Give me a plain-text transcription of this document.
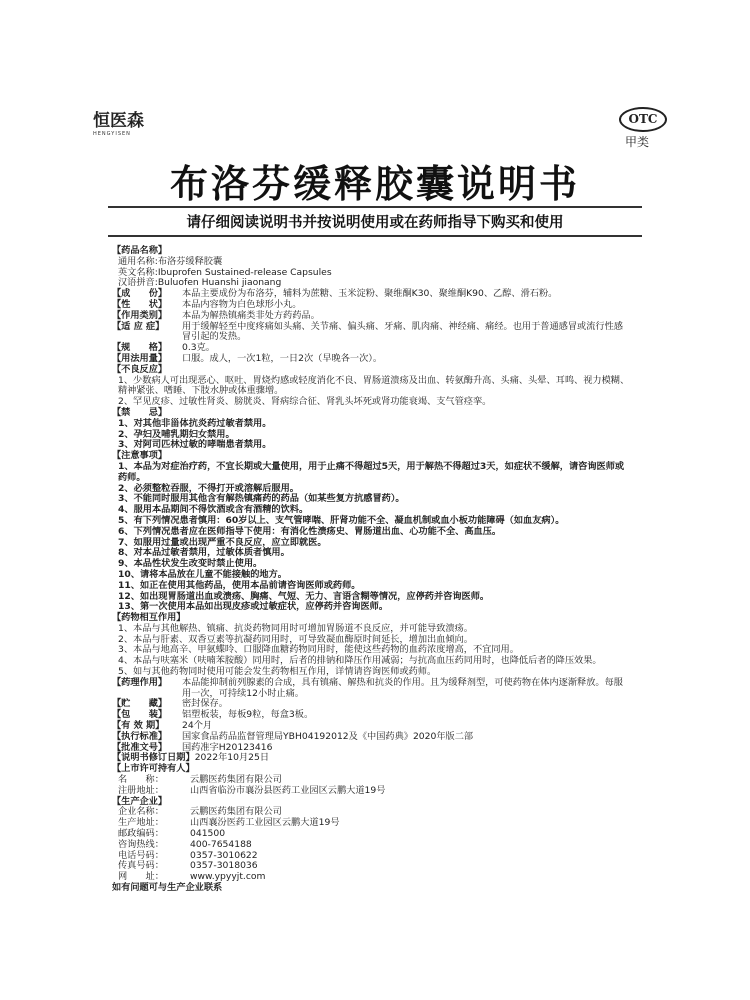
恒医森
HENGYISEN
OTC
甲类
布洛芬缓释胶囊说明书
请仔细阅读说明书并按说明使用或在药师指导下购买和使用
【药品名称】
通用名称:布洛芬缓释胶囊
英文名称:Ibuprofen Sustained-release Capsules
汉语拼音:Buluofen Huanshi jiaonang
【成　　份】	本品主要成份为布洛芬，辅料为蔗糖、玉米淀粉、聚维酮K30、聚维酮K90、乙醇、滑石粉。
【性　　状】	本品内容物为白色球形小丸。
【作用类别】	本品为解热镇痛类非处方药药品。
【适 应 症】	用于缓解轻至中度疼痛如头痛、关节痛、偏头痛、牙痛、肌肉痛、神经痛、痛经。也用于普通感冒或流行性感冒引起的发热。
【规　　格】	0.3克。
【用法用量】	口服。成人，一次1粒，一日2次（早晚各一次）。
【不良反应】
1、少数病人可出现恶心、呕吐、胃烧灼感或轻度消化不良、胃肠道溃疡及出血、转氨酶升高、头痛、头晕、耳鸣、视力模糊、精神紧张、嗜睡、下肢水肿或体重骤增。
2、罕见皮疹、过敏性肾炎、膀胱炎、肾病综合征、肾乳头坏死或肾功能衰竭、支气管痉挛。
【禁　　忌】
1、对其他非甾体抗炎药过敏者禁用。
2、孕妇及哺乳期妇女禁用。
3、对阿司匹林过敏的哮喘患者禁用。
【注意事项】
1、本品为对症治疗药，不宜长期或大量使用，用于止痛不得超过5天，用于解热不得超过3天，如症状不缓解，请咨询医师或药师。
2、必须整粒吞服，不得打开或溶解后服用。
3、不能同时服用其他含有解热镇痛药的药品（如某些复方抗感冒药）。
4、服用本品期间不得饮酒或含有酒精的饮料。
5、有下列情况患者慎用：60岁以上、支气管哮喘、肝肾功能不全、凝血机制或血小板功能障碍（如血友病）。
6、下列情况患者应在医师指导下使用：有消化性溃疡史、胃肠道出血、心功能不全、高血压。
7、如服用过量或出现严重不良反应，应立即就医。
8、对本品过敏者禁用，过敏体质者慎用。
9、本品性状发生改变时禁止使用。
10、请将本品放在儿童不能接触的地方。
11、如正在使用其他药品，使用本品前请咨询医师或药师。
12、如出现胃肠道出血或溃疡、胸痛、气短、无力、言语含糊等情况，应停药并咨询医师。
13、第一次使用本品如出现皮疹或过敏症状，应停药并咨询医师。
【药物相互作用】
1、本品与其他解热、镇痛、抗炎药物同用时可增加胃肠道不良反应，并可能导致溃疡。
2、本品与肝素、双香豆素等抗凝药同用时，可导致凝血酶原时间延长，增加出血倾向。
3、本品与地高辛、甲氨蝶呤、口服降血糖药物同用时，能使这些药物的血药浓度增高，不宜同用。
4、本品与呋塞米（呋喃苯胺酸）同用时，后者的排钠和降压作用减弱；与抗高血压药同用时，也降低后者的降压效果。
5、如与其他药物同时使用可能会发生药物相互作用，详情请咨询医师或药师。
【药理作用】	本品能抑制前列腺素的合成，具有镇痛、解热和抗炎的作用。且为缓释剂型，可使药物在体内逐渐释放。每服用一次，可持续12小时止痛。
【贮　　藏】	密封保存。
【包　　装】	铝塑板装，每板9粒，每盒3板。
【有 效 期】	24个月
【执行标准】	国家食品药品监督管理局YBH04192012及《中国药典》2020年版二部
【批准文号】	国药准字H20123416
【说明书修订日期】 2022年10月25日
【上市许可持有人】
名　　称：	云鹏医药集团有限公司
注册地址：	山西省临汾市襄汾县医药工业园区云鹏大道19号
【生产企业】
企业名称：	云鹏医药集团有限公司
生产地址：	山西襄汾医药工业园区云鹏大道19号
邮政编码：	041500
咨询热线：	400-7654188
电话号码：	0357-3010622
传真号码：	0357-3018036
网　　址：	www.ypyyjt.com
如有问题可与生产企业联系
